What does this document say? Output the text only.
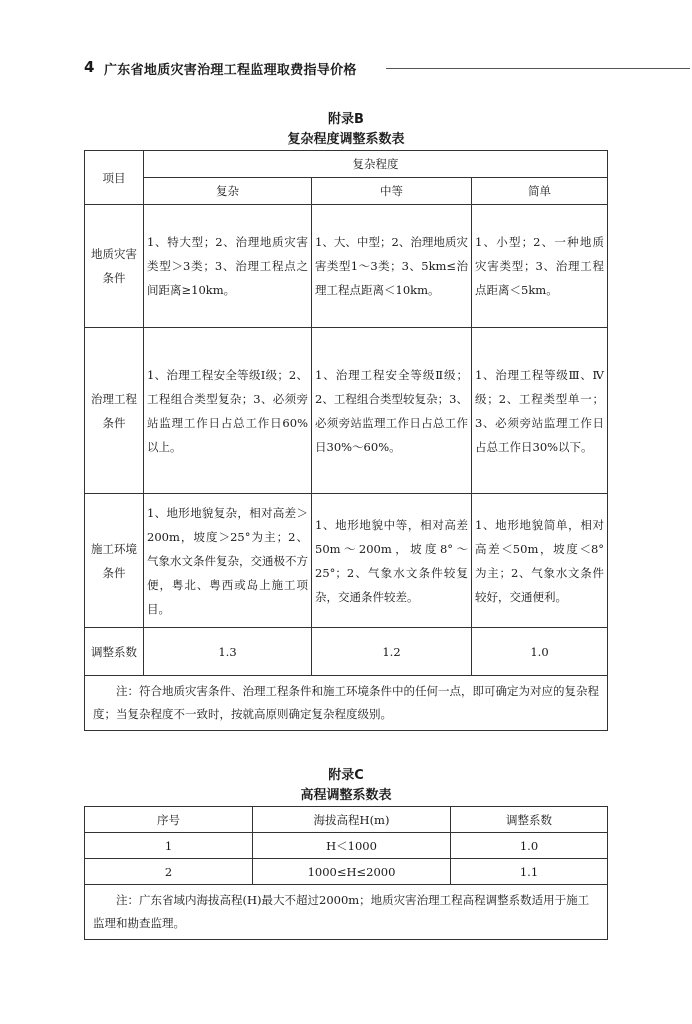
4 广东省地质灾害治理工程监理取费指导价格
附录B
复杂程度调整系数表
项目	复杂程度		
	复杂	中等	简单
地质灾害条件	1、特大型；2、治理地质灾害类型＞3类；3、治理工程点之间距离≥10km。	1、大、中型；2、治理地质灾害类型1～3类；3、5km≤治理工程点距离＜10km。	1、小型；2、一种地质灾害类型；3、治理工程点距离＜5km。
治理工程条件	1、治理工程安全等级Ⅰ级；2、工程组合类型复杂；3、必须旁站监理工作日占总工作日60%以上。	1、治理工程安全等级Ⅱ级；2、工程组合类型较复杂；3、必须旁站监理工作日占总工作日30%～60%。	1、治理工程等级Ⅲ、Ⅳ级；2、工程类型单一；3、必须旁站监理工作日占总工作日30%以下。
施工环境条件	1、地形地貌复杂，相对高差＞200m，坡度＞25°为主；2、气象水文条件复杂，交通极不方便，粤北、粤西或岛上施工项目。	1、地形地貌中等，相对高差50m～200m，坡度8°～25°；2、气象水文条件较复杂，交通条件较差。	1、地形地貌简单，相对高差＜50m，坡度＜8°为主；2、气象水文条件较好，交通便利。
调整系数	1.3	1.2	1.0

注：符合地质灾害条件、治理工程条件和施工环境条件中的任何一点，即可确定为对应的复杂程度；当复杂程度不一致时，按就高原则确定复杂程度级别。			
附录C
高程调整系数表
序号	海拔高程H(m)	调整系数
1	H＜1000	1.0
2	1000≤H≤2000	1.1

注：广东省域内海拔高程(H)最大不超过2000m；地质灾害治理工程高程调整系数适用于施工监理和勘查监理。		
